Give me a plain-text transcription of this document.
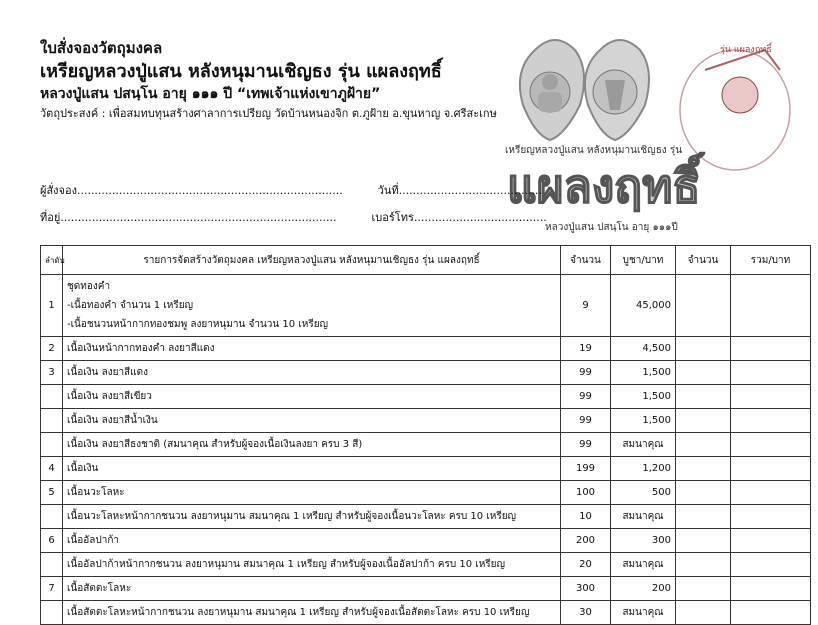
ใบสั่งจองวัตถุมงคล
เหรียญหลวงปู่แสน หลังหนุมานเชิญธง รุ่น แผลงฤทธิ์
หลวงปู่แสน ปสนฺโน อายุ ๑๑๑ ปี “เทพเจ้าแห่งเขาภูฝ้าย”
วัตถุประสงค์ : เพื่อสมทบทุนสร้างศาลาการเปรียญ วัดบ้านหนองจิก ต.ภูฝ้าย อ.ขุนหาญ จ.ศรีสะเกษ
รุ่น แผลงฤทธิ์
เหรียญหลวงปู่แสน หลังหนุมานเชิญธง รุ่น
แผลงฤทธิ์
หลวงปู่แสน ปสนฺโน อายุ ๑๑๑ปี
ผู้สั่งจอง............................................................................	วันที่.........................................
ที่อยู่...............................................................................	เบอร์โทร......................................
ลำดับ	รายการจัดสร้างวัตถุมงคล เหรียญหลวงปู่แสน หลังหนุมานเชิญธง รุ่น แผลงฤทธิ์	จำนวน	บูชา/บาท	จำนวน	รวม/บาท
1	ชุดทองคำ
-เนื้อทองคำ จำนวน 1 เหรียญ
-เนื้อชนวนหน้ากากทองชมพู ลงยาหนุมาน จำนวน 10 เหรียญ	9	45,000		
2	เนื้อเงินหน้ากากทองคำ ลงยาสีแดง	19	4,500		
3	เนื้อเงิน ลงยาสีแดง	99	1,500		

	เนื้อเงิน ลงยาสีเขียว	99	1,500		

	เนื้อเงิน ลงยาสีน้ำเงิน	99	1,500		

	เนื้อเงิน ลงยาสีธงชาติ (สมนาคุณ สำหรับผู้จองเนื้อเงินลงยา ครบ 3 สี)	99	สมนาคุณ		
4	เนื้อเงิน	199	1,200		
5	เนื้อนวะโลหะ	100	500		

	เนื้อนวะโลหะหน้ากากชนวน ลงยาหนุมาน สมนาคุณ 1 เหรียญ สำหรับผู้จองเนื้อนวะโลหะ ครบ 10 เหรียญ	10	สมนาคุณ		
6	เนื้ออัลปาก้า	200	300		

	เนื้ออัลปาก้าหน้ากากชนวน ลงยาหนุมาน สมนาคุณ 1 เหรียญ สำหรับผู้จองเนื้ออัลปาก้า ครบ 10 เหรียญ	20	สมนาคุณ		
7	เนื้อสัตตะโลหะ	300	200		

	เนื้อสัตตะโลหะหน้ากากชนวน ลงยาหนุมาน สมนาคุณ 1 เหรียญ สำหรับผู้จองเนื้อสัตตะโลหะ ครบ 10 เหรียญ	30	สมนาคุณ		
